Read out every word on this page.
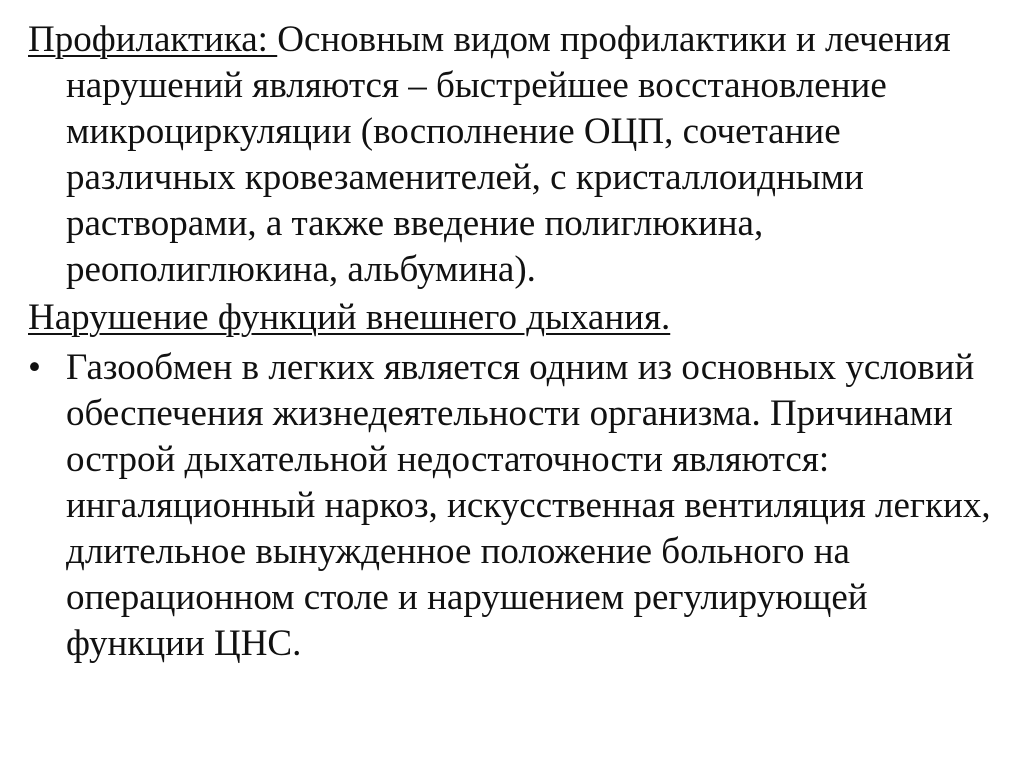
Профилактика: Основным видом профилактики и лечения нарушений являются – быстрейшее восстановление микроциркуляции (восполнение ОЦП, сочетание различных кровезаменителей, с кристаллоидными растворами, а также введение полиглюкина, реополиглюкина, альбумина).

Нарушение функций внешнего дыхания.

• Газообмен в легких является одним из основных условий обеспечения жизнедеятельности организма. Причинами острой дыхательной недостаточности являются: ингаляционный наркоз, искусственная вентиляция легких, длительное вынужденное положение больного на операционном столе и нарушением регулирующей функции ЦНС.
